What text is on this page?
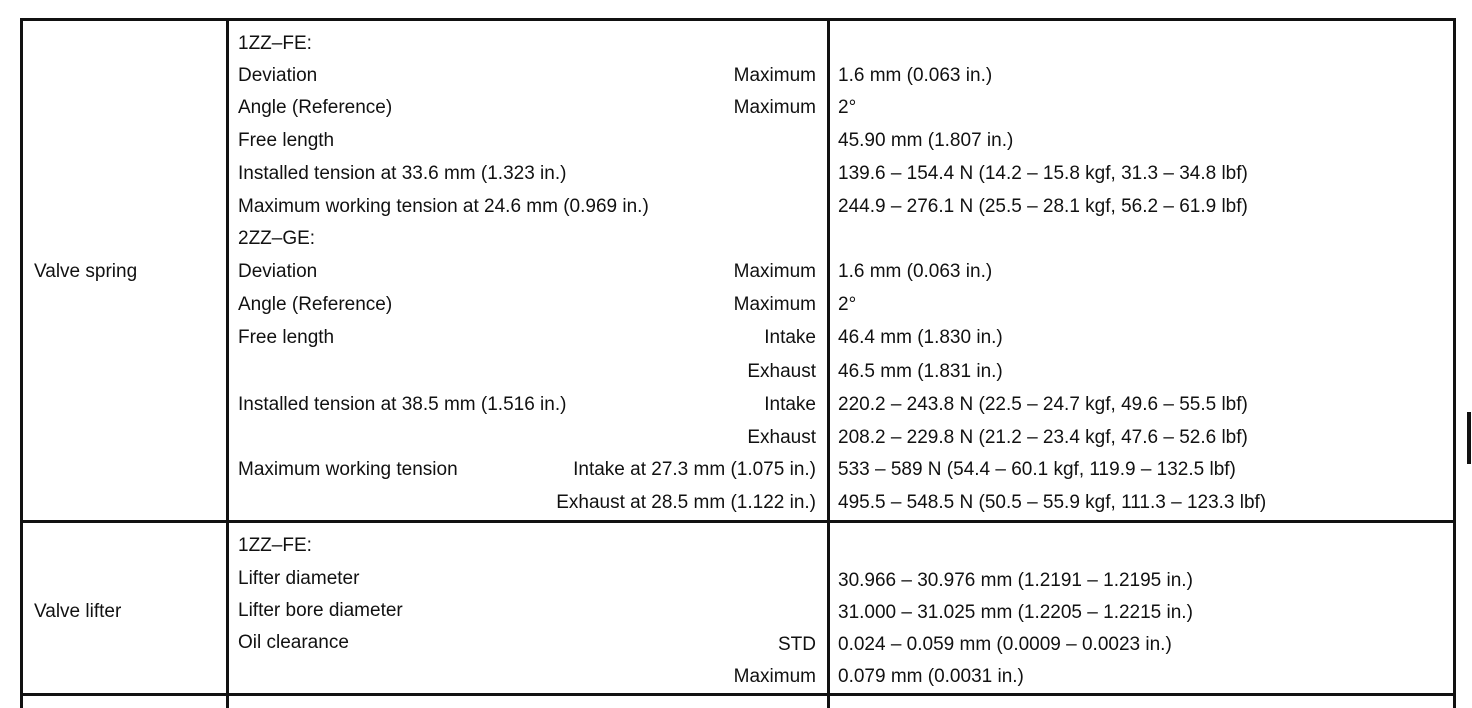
Valve spring
1ZZ–FE:
Deviation	Maximum 1.6 mm (0.063 in.)
Angle (Reference)	Maximum 2°
Free length	45.90 mm (1.807 in.)
Installed tension at 33.6 mm (1.323 in.)	139.6 – 154.4 N (14.2 – 15.8 kgf, 31.3 – 34.8 lbf)
Maximum working tension at 24.6 mm (0.969 in.)	244.9 – 276.1 N (25.5 – 28.1 kgf, 56.2 – 61.9 lbf)
2ZZ–GE:
Deviation	Maximum 1.6 mm (0.063 in.)
Angle (Reference)	Maximum 2°
Free length	Intake 46.4 mm (1.830 in.)
Exhaust 46.5 mm (1.831 in.)
Installed tension at 38.5 mm (1.516 in.)	Intake 220.2 – 243.8 N (22.5 – 24.7 kgf, 49.6 – 55.5 lbf)
Exhaust 208.2 – 229.8 N (21.2 – 23.4 kgf, 47.6 – 52.6 lbf)
Maximum working tension	Intake at 27.3 mm (1.075 in.) 533 – 589 N (54.4 – 60.1 kgf, 119.9 – 132.5 lbf)
Exhaust at 28.5 mm (1.122 in.) 495.5 – 548.5 N (50.5 – 55.9 kgf, 111.3 – 123.3 lbf)
Valve lifter
1ZZ–FE:
Lifter diameter	30.966 – 30.976 mm (1.2191 – 1.2195 in.)
Lifter bore diameter	31.000 – 31.025 mm (1.2205 – 1.2215 in.)
Oil clearance	STD 0.024 – 0.059 mm (0.0009 – 0.0023 in.)
Maximum 0.079 mm (0.0031 in.)
